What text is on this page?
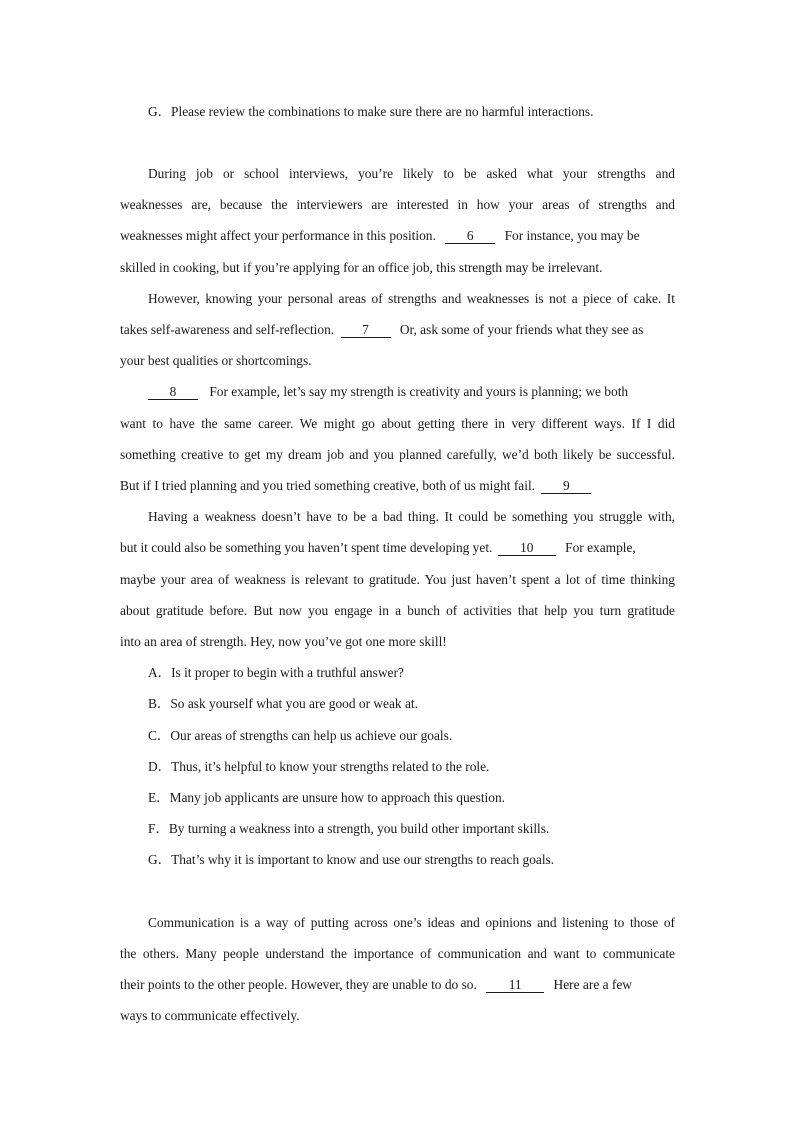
G．Please review the combinations to make sure there are no harmful interactions.
During job or school interviews, you’re likely to be asked what your strengths and
weaknesses are, because the interviewers are interested in how your areas of strengths and
weaknesses might affect your performance in this position. 6 For instance, you may be
skilled in cooking, but if you’re applying for an office job, this strength may be irrelevant.
However, knowing your personal areas of strengths and weaknesses is not a piece of cake. It
takes self-awareness and self-reflection. 7 Or, ask some of your friends what they see as
your best qualities or shortcomings.
8 For example, let’s say my strength is creativity and yours is planning; we both
want to have the same career. We might go about getting there in very different ways. If I did
something creative to get my dream job and you planned carefully, we’d both likely be successful.
But if I tried planning and you tried something creative, both of us might fail. 9
Having a weakness doesn’t have to be a bad thing. It could be something you struggle with,
but it could also be something you haven’t spent time developing yet. 10 For example,
maybe your area of weakness is relevant to gratitude. You just haven’t spent a lot of time thinking
about gratitude before. But now you engage in a bunch of activities that help you turn gratitude
into an area of strength. Hey, now you’ve got one more skill!
A．Is it proper to begin with a truthful answer?
B．So ask yourself what you are good or weak at.
C．Our areas of strengths can help us achieve our goals.
D．Thus, it’s helpful to know your strengths related to the role.
E．Many job applicants are unsure how to approach this question.
F．By turning a weakness into a strength, you build other important skills.
G．That’s why it is important to know and use our strengths to reach goals.
Communication is a way of putting across one’s ideas and opinions and listening to those of
the others. Many people understand the importance of communication and want to communicate
their points to the other people. However, they are unable to do so. 11 Here are a few
ways to communicate effectively.
